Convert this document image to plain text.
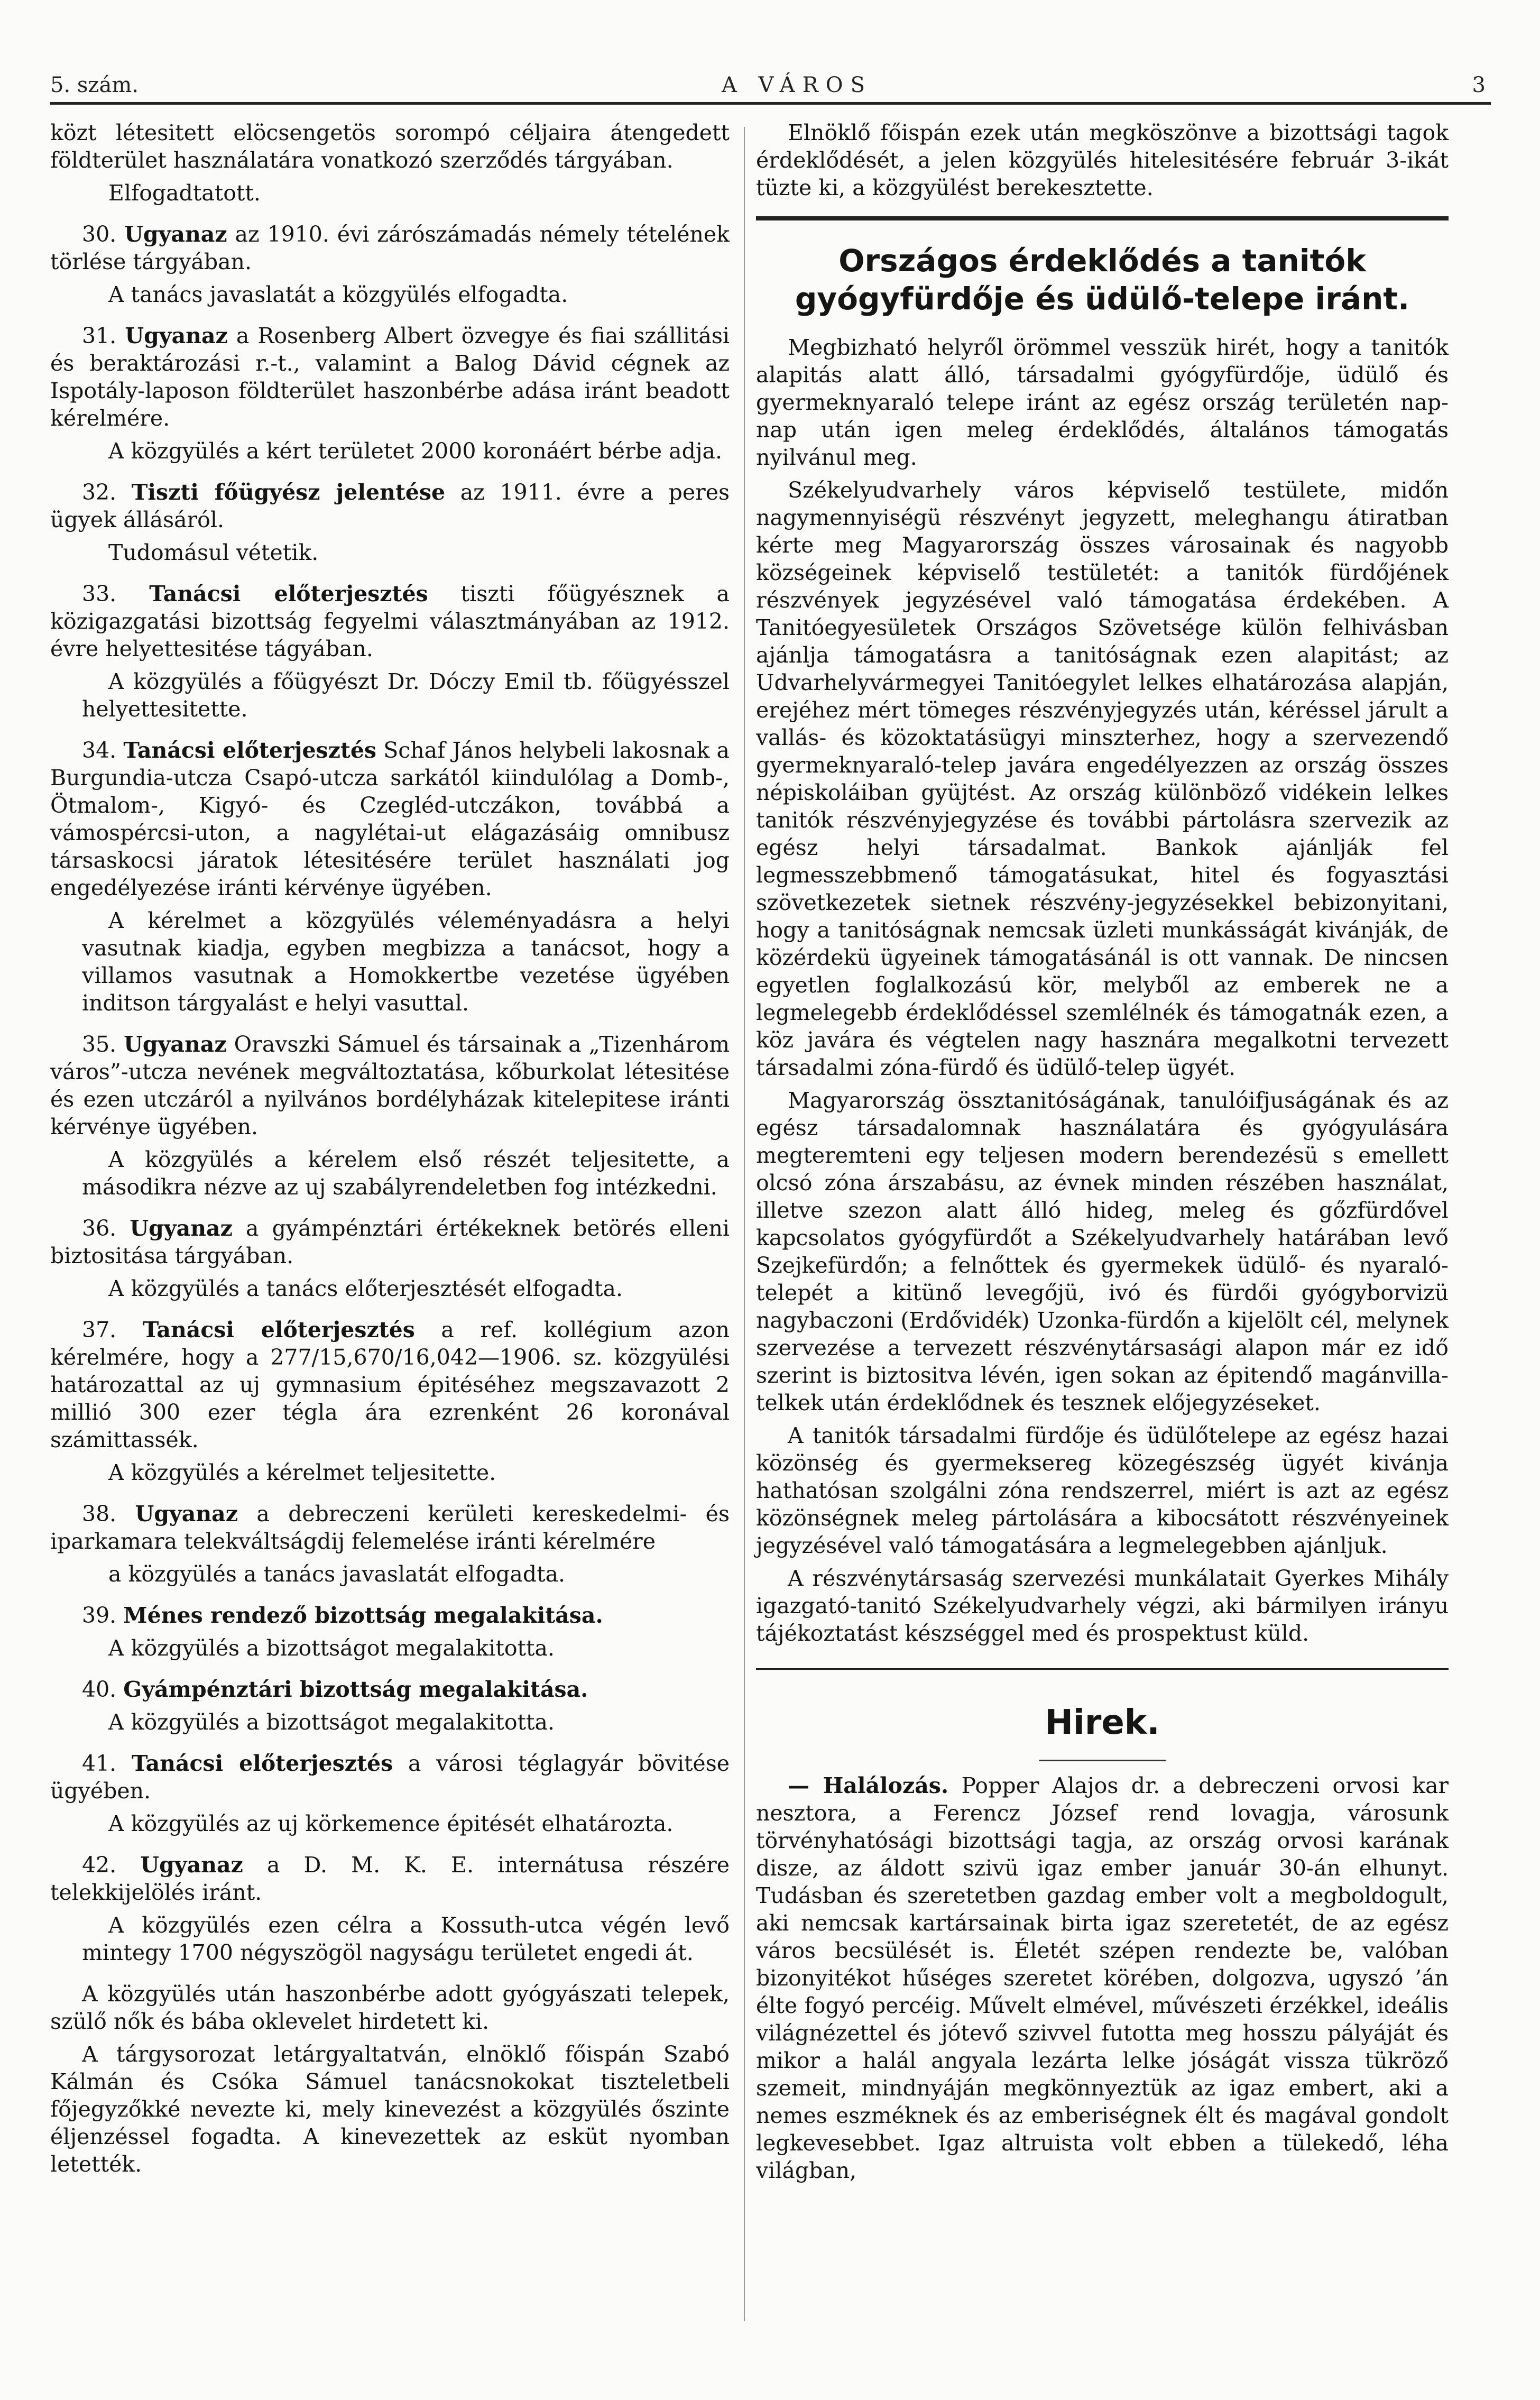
5. szám.	A VÁROS	3

közt létesitett elöcsengetös sorompó céljaira átengedett földterület használatára vonatkozó szerződés tárgyában.

Elfogadtatott.

30. Ugyanaz az 1910. évi zárószámadás némely tételének törlése tárgyában.

A tanács javaslatát a közgyülés elfogadta.

31. Ugyanaz a Rosenberg Albert özvegye és fiai szállitási és beraktározási r.-t., valamint a Balog Dávid cégnek az Ispotály-laposon földterület haszonbérbe adása iránt beadott kérelmére.

A közgyülés a kért területet 2000 koronáért bérbe adja.

32. Tiszti főügyész jelentése az 1911. évre a peres ügyek állásáról.

Tudomásul vétetik.

33. Tanácsi előterjesztés tiszti főügyésznek a közigazgatási bizottság fegyelmi választmányában az 1912. évre helyettesitése tágyában.

A közgyülés a főügyészt Dr. Dóczy Emil tb. főügyésszel helyettesitette.

34. Tanácsi előterjesztés Schaf János helybeli lakosnak a Burgundia-utcza Csapó-utcza sarkától kiindulólag a Domb-, Ötmalom-, Kigyó- és Czegléd-utczákon, továbbá a vámospércsi-uton, a nagylétai-ut elágazásáig omnibusz társaskocsi járatok létesitésére terület használati jog engedélyezése iránti kérvénye ügyében.

A kérelmet a közgyülés véleményadásra a helyi vasutnak kiadja, egyben megbizza a tanácsot, hogy a villamos vasutnak a Homokkertbe vezetése ügyében inditson tárgyalást e helyi vasuttal.

35. Ugyanaz Oravszki Sámuel és társainak a „Tizenhárom város”-utcza nevének megváltoztatása, kőburkolat létesitése és ezen utczáról a nyilvános bordélyházak kitelepitese iránti kérvénye ügyében.

A közgyülés a kérelem első részét teljesitette, a másodikra nézve az uj szabályrendeletben fog intézkedni.

36. Ugyanaz a gyámpénztári értékeknek betörés elleni biztositása tárgyában.

A közgyülés a tanács előterjesztését elfogadta.

37. Tanácsi előterjesztés a ref. kollégium azon kérelmére, hogy a 277/15,670/16,042—1906. sz. közgyülési határozattal az uj gymnasium épitéséhez megszavazott 2 millió 300 ezer tégla ára ezrenként 26 koronával számittassék.

A közgyülés a kérelmet teljesitette.

38. Ugyanaz a debreczeni kerületi kereskedelmi- és iparkamara telekváltságdij felemelése iránti kérelmére

a közgyülés a tanács javaslatát elfogadta.

39. Ménes rendező bizottság megalakitása.

A közgyülés a bizottságot megalakitotta.

40. Gyámpénztári bizottság megalakitása.

A közgyülés a bizottságot megalakitotta.

41. Tanácsi előterjesztés a városi téglagyár bövitése ügyében.

A közgyülés az uj körkemence épitését elhatározta.

42. Ugyanaz a D. M. K. E. internátusa részére telekkijelölés iránt.

A közgyülés ezen célra a Kossuth-utca végén levő mintegy 1700 négyszögöl nagyságu területet engedi át.

A közgyülés után haszonbérbe adott gyógyászati telepek, szülő nők és bába oklevelet hirdetett ki.

A tárgysorozat letárgyaltatván, elnöklő főispán Szabó Kálmán és Csóka Sámuel tanácsnokokat tiszteletbeli főjegyzőkké nevezte ki, mely kinevezést a közgyülés őszinte éljenzéssel fogadta. A kinevezettek az esküt nyomban letették.

Elnöklő főispán ezek után megköszönve a bizottsági tagok érdeklődését, a jelen közgyülés hitelesitésére február 3-ikát tüzte ki, a közgyülést berekesztette.

Országos érdeklődés a tanitók gyógyfürdője és üdülő-telepe iránt.

Megbizható helyről örömmel vesszük hirét, hogy a tanitók alapitás alatt álló, társadalmi gyógyfürdője, üdülő és gyermeknyaraló telepe iránt az egész ország területén nap-nap után igen meleg érdeklődés, általános támogatás nyilvánul meg.

Székelyudvarhely város képviselő testülete, midőn nagymennyiségü részvényt jegyzett, meleghangu átiratban kérte meg Magyarország összes városainak és nagyobb községeinek képviselő testületét: a tanitók fürdőjének részvények jegyzésével való támogatása érdekében. A Tanitóegyesületek Országos Szövetsége külön felhivásban ajánlja támogatásra a tanitóságnak ezen alapitást; az Udvarhelyvármegyei Tanitóegylet lelkes elhatározása alapján, erejéhez mért tömeges részvényjegyzés után, kéréssel járult a vallás- és közoktatásügyi minszterhez, hogy a szervezendő gyermeknyaraló-telep javára engedélyezzen az ország összes népiskoláiban gyüjtést. Az ország különböző vidékein lelkes tanitók részvényjegyzése és további pártolásra szervezik az egész helyi társadalmat. Bankok ajánlják fel legmesszebbmenő támogatásukat, hitel és fogyasztási szövetkezetek sietnek részvény-jegyzésekkel bebizonyitani, hogy a tanitóságnak nemcsak üzleti munkásságát kivánják, de közérdekü ügyeinek támogatásánál is ott vannak. De nincsen egyetlen foglalkozású kör, melyből az emberek ne a legmelegebb érdeklődéssel szemlélnék és támogatnák ezen, a köz javára és végtelen nagy hasznára megalkotni tervezett társadalmi zóna-fürdő és üdülő-telep ügyét.

Magyarország össztanitóságának, tanulóifjuságának és az egész társadalomnak használatára és gyógyulására megteremteni egy teljesen modern berendezésü s emellett olcsó zóna árszabásu, az évnek minden részében használat, illetve szezon alatt álló hideg, meleg és gőzfürdővel kapcsolatos gyógyfürdőt a Székelyudvarhely határában levő Szejkefürdőn; a felnőttek és gyermekek üdülő- és nyaraló-telepét a kitünő levegőjü, ivó és fürdői gyógyborvizü nagybaczoni (Erdővidék) Uzonka-fürdőn a kijelölt cél, melynek szervezése a tervezett részvénytársasági alapon már ez idő szerint is biztositva lévén, igen sokan az épitendő magánvilla-telkek után érdeklődnek és tesznek előjegyzéseket.

A tanitók társadalmi fürdője és üdülőtelepe az egész hazai közönség és gyermeksereg közegészség ügyét kivánja hathatósan szolgálni zóna rendszerrel, miért is azt az egész közönségnek meleg pártolására a kibocsátott részvényeinek jegyzésével való támogatására a legmelegebben ajánljuk.

A részvénytársaság szervezési munkálatait Gyerkes Mihály igazgató-tanitó Székelyudvarhely végzi, aki bármilyen irányu tájékoztatást készséggel med és prospektust küld.

Hirek.

— Halálozás. Popper Alajos dr. a debreczeni orvosi kar nesztora, a Ferencz József rend lovagja, városunk törvényhatósági bizottsági tagja, az ország orvosi karának disze, az áldott szivü igaz ember január 30-án elhunyt. Tudásban és szeretetben gazdag ember volt a megboldogult, aki nemcsak kartársainak birta igaz szeretetét, de az egész város becsülését is. Életét szépen rendezte be, valóban bizonyitékot hűséges szeretet körében, dolgozva, ugyszó ’án élte fogyó percéig. Művelt elmével, művészeti érzékkel, ideális világnézettel és jótevő szivvel futotta meg hosszu pályáját és mikor a halál angyala lezárta lelke jóságát vissza tükröző szemeit, mindnyáján megkönnyeztük az igaz embert, aki a nemes eszméknek és az emberiségnek élt és magával gondolt legkevesebbet. Igaz altruista volt ebben a tülekedő, léha világban,
